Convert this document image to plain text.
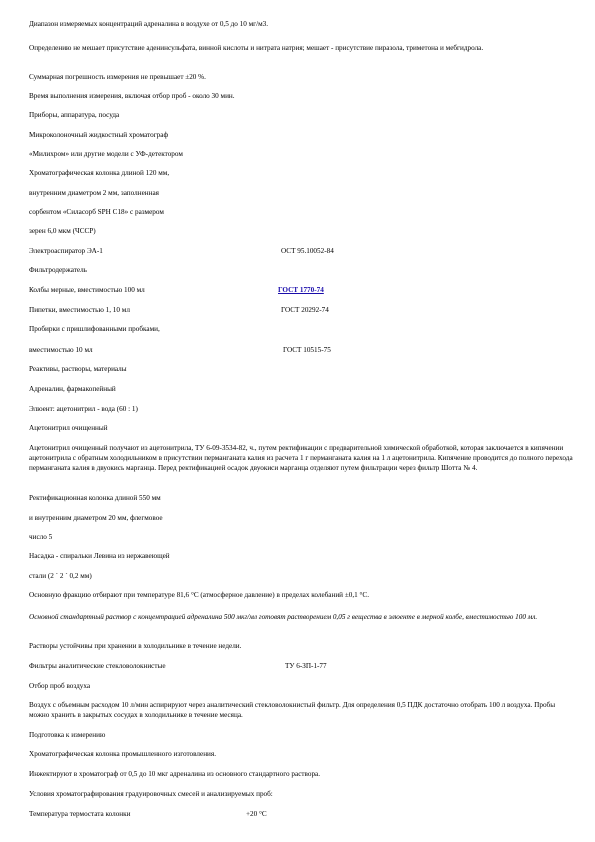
Диапазон измеряемых концентраций адреналина в воздухе от 0,5 до 10 мг/м3.
Определению не мешает присутствие аденинсульфата, винной кислоты и нитрата натрия; мешает - присутствие пиразола, триметона и мебгидрола.
Суммарная погрешность измерения не превышает ±20 %.
Время выполнения измерения, включая отбор проб - около 30 мин.
Приборы, аппаратура, посуда
Микроколоночный жидкостный хроматограф
«Милихром» или другие модели с УФ-детектором
Хроматографическая колонка длиной 120 мм,
внутренним диаметром 2 мм, заполненная
сорбентом «Силасорб SPH C18» с размером
зерен 6,0 мкм (ЧССР)
Электроаспиратор ЭА-1	ОСТ 95.10052-84
Фильтродержатель
Колбы мерные, вместимостью 100 мл	ГОСТ 1770-74
Пипетки, вместимостью 1, 10 мл	ГОСТ 20292-74
Пробирки с пришлифованными пробками,
вместимостью 10 мл	ГОСТ 10515-75
Реактивы, растворы, материалы
Адреналин, фармакопейный
Элюент: ацетонитрил - вода (60 : 1)
Ацетонитрил очищенный
Ацетонитрил очищенный получают из ацетонитрила, ТУ 6-09-3534-82, ч., путем ректификации с предварительной химической обработкой, которая заключается в кипячении ацетонитрила с обратным холодильником в присутствии перманганата калия из расчета 1 г перманганата калия на 1 л ацетонитрила. Кипячение проводится до полного перехода перманганата калия в двуокись марганца. Перед ректификацией осадок двуокиси марганца отделяют путем фильтрации через фильтр Шотта № 4.
Ректификационная колонка длиной 550 мм
и внутренним диаметром 20 мм, флегмовое
число 5
Насадка - спиральки Левина из нержавеющей
стали (2 ´ 2 ´ 0,2 мм)
Основную фракцию отбирают при температуре 81,6 °С (атмосферное давление) в пределах колебаний ±0,1 °С.
Основной стандартный раствор с концентрацией адреналина 500 мкг/мл готовят растворением 0,05 г вещества в элюенте в мерной колбе, вместимостью 100 мл.
Растворы устойчивы при хранении в холодильнике в течение недели.
Фильтры аналитические стекловолокнистые	ТУ 6-ЗП-1-77
Отбор проб воздуха
Воздух с объемным расходом 10 л/мин аспирируют через аналитический стекловолокнистый фильтр. Для определения 0,5 ПДК достаточно отобрать 100 л воздуха. Пробы можно хранить в закрытых сосудах в холодильнике в течение месяца.
Подготовка к измерению
Хроматографическая колонка промышленного изготовления.
Инжектируют в хроматограф от 0,5 до 10 мкг адреналина из основного стандартного раствора.
Условия хроматографирования градуировочных смесей и анализируемых проб:
Температура термостата колонки	+20 °С
